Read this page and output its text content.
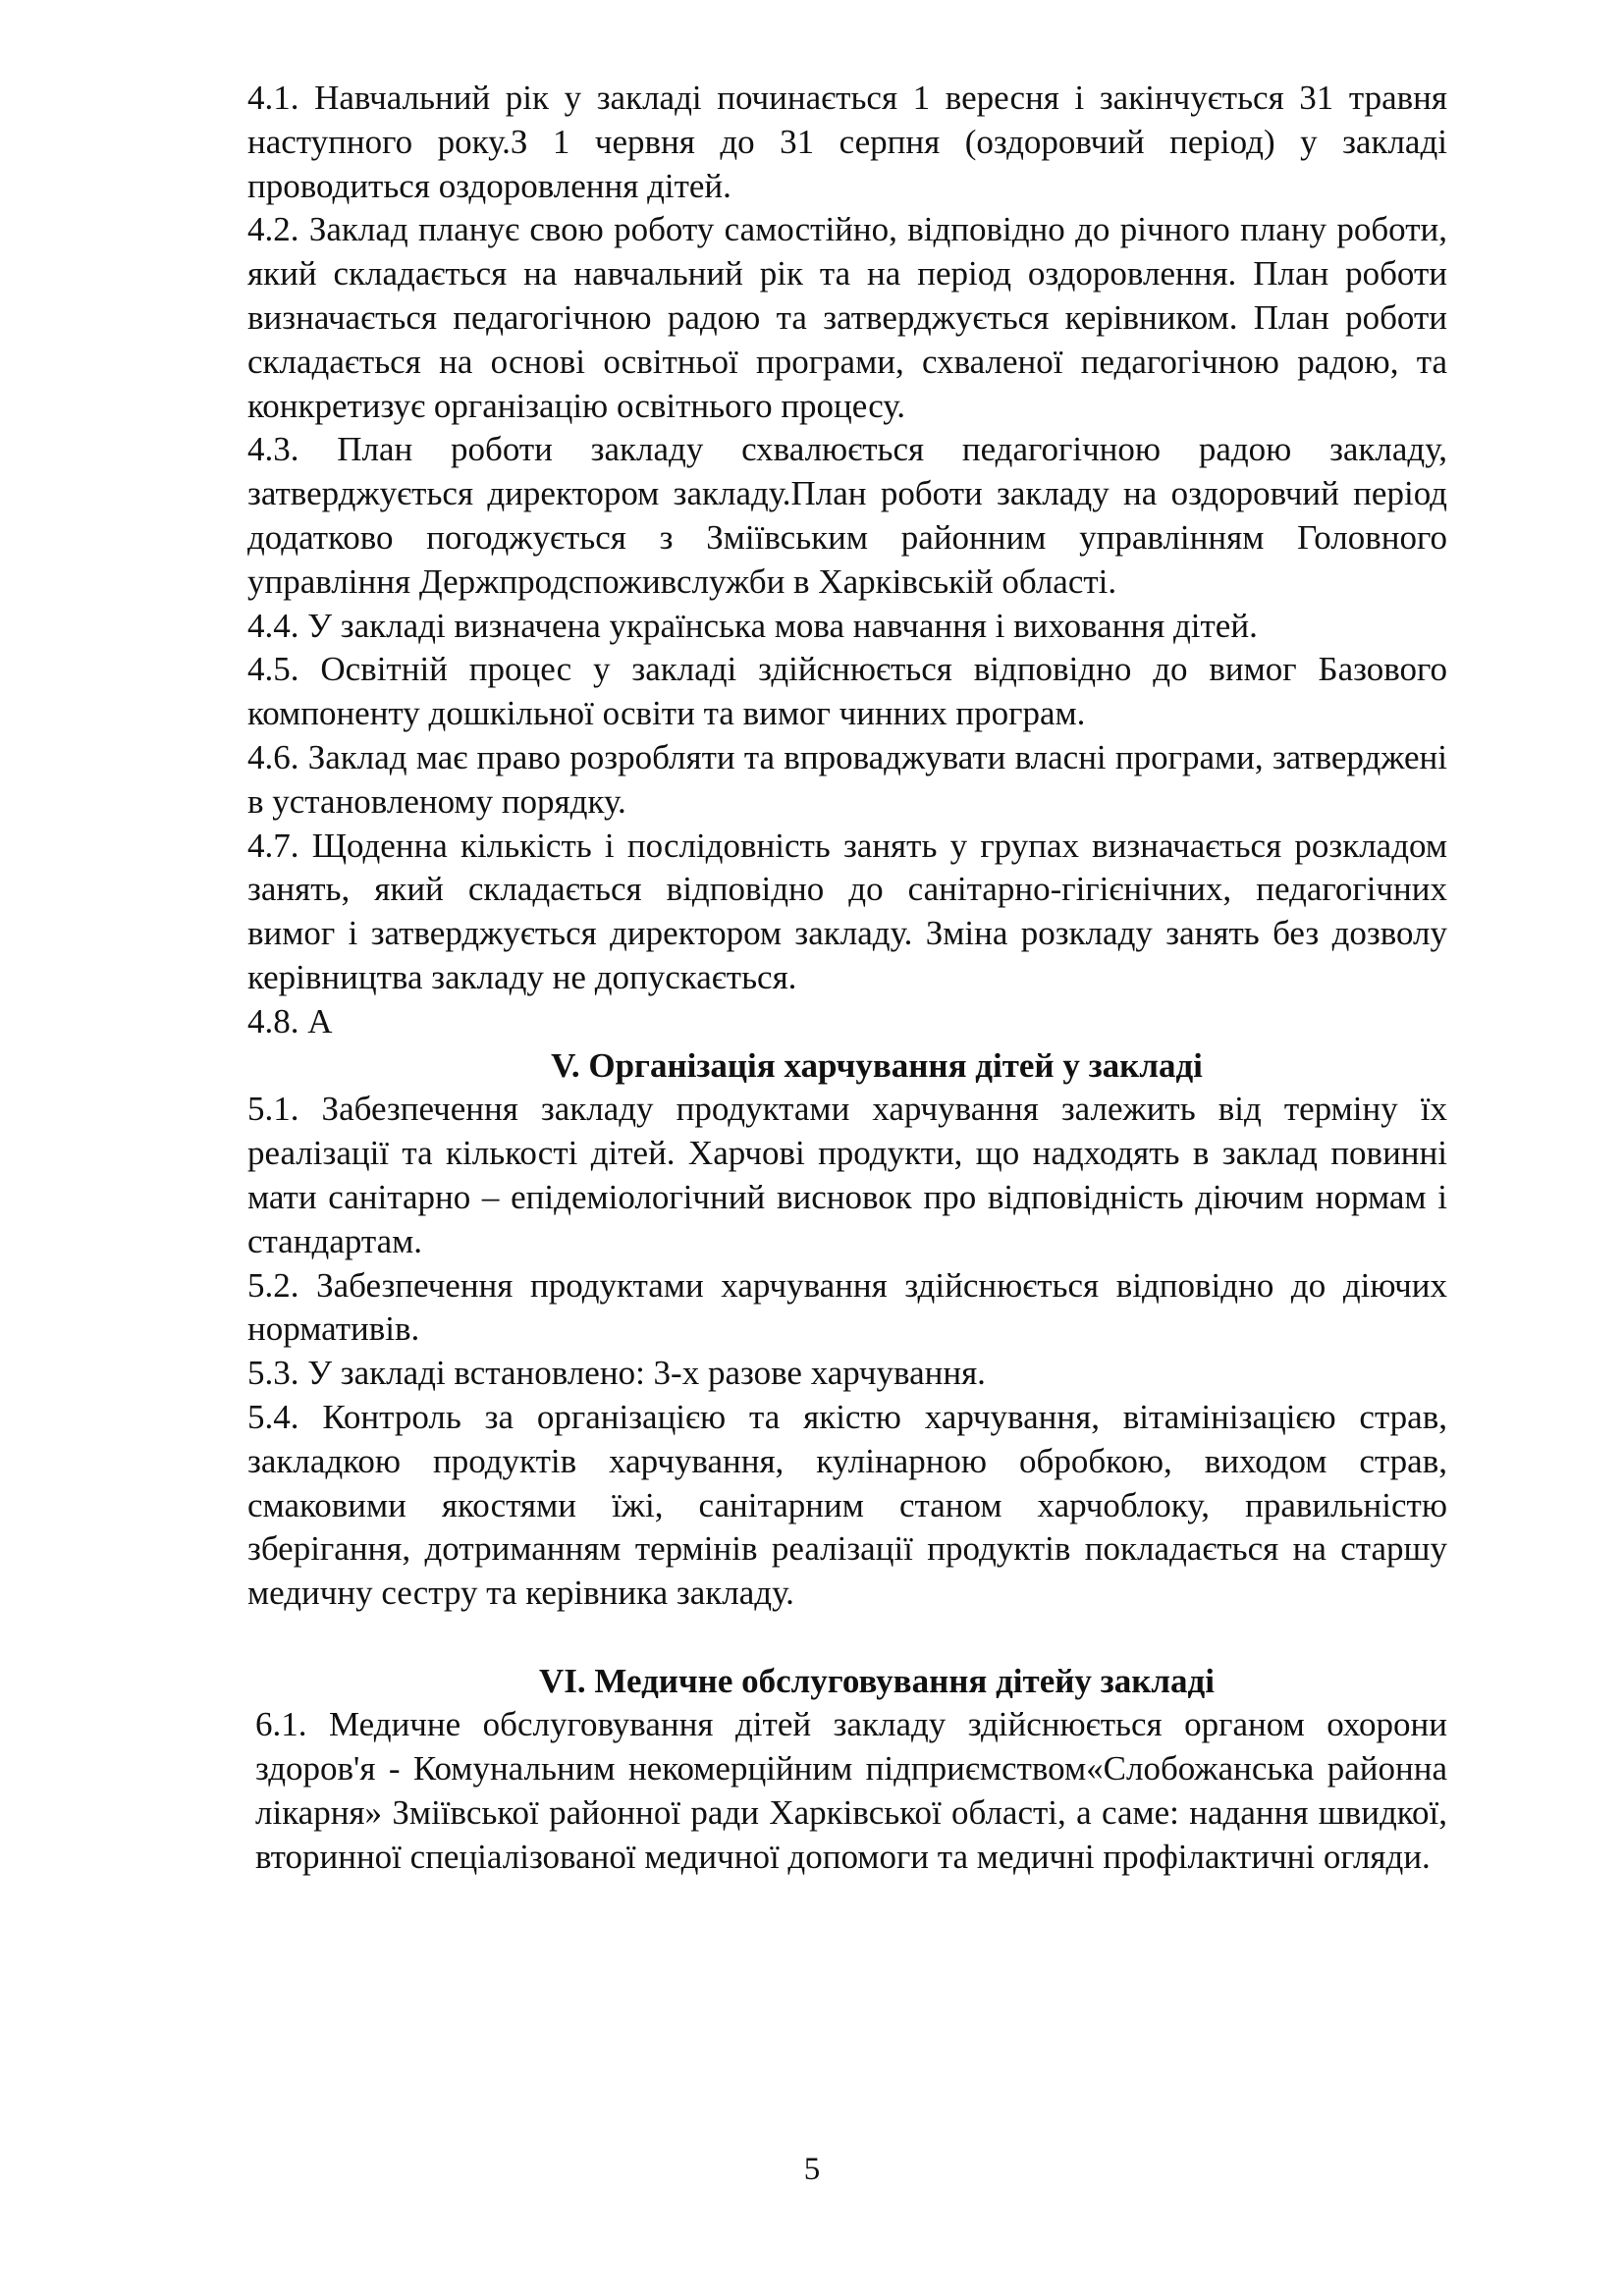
4.1. Навчальний рік у закладі починається 1 вересня і закінчується 31 травня наступного року.З 1 червня до 31 серпня (оздоровчий період) у закладі проводиться оздоровлення дітей.

4.2. Заклад планує свою роботу самостійно, відповідно до річного плану роботи, який складається на навчальний рік та на період оздоровлення. План роботи визначається педагогічною радою та затверджується керівником. План роботи складається на основі освітньої програми, схваленої педагогічною радою, та конкретизує організацію освітнього процесу.

4.3. План роботи закладу схвалюється педагогічною радою закладу, затверджується директором закладу.План роботи закладу на оздоровчий період додатково погоджується з Зміївським районним управлінням Головного управління Держпродспоживслужби в Харківській області.

4.4. У закладі визначена українська мова навчання і виховання дітей.

4.5. Освітній процес у закладі здійснюється відповідно до вимог Базового компоненту дошкільної освіти та вимог чинних програм.

4.6. Заклад має право розробляти та впроваджувати власні програми, затверджені в установленому порядку.

4.7. Щоденна кількість і послідовність занять у групах визначається розкладом занять, який складається відповідно до санітарно-гігієнічних, педагогічних вимог і затверджується директором закладу. Зміна розкладу занять без дозволу керівництва закладу не допускається.

4.8. А

V. Організація харчування дітей у закладі

5.1. Забезпечення закладу продуктами харчування залежить від терміну їх реалізації та кількості дітей. Харчові продукти, що надходять в заклад повинні мати санітарно – епідеміологічний висновок про відповідність діючим нормам і стандартам.

5.2. Забезпечення продуктами харчування здійснюється відповідно до діючих нормативів.

5.3. У закладі встановлено: 3-х разове харчування.

5.4. Контроль за організацією та якістю харчування, вітамінізацією страв, закладкою продуктів харчування, кулінарною обробкою, виходом страв, смаковими якостями їжі, санітарним станом харчоблоку, правильністю зберігання, дотриманням термінів реалізації продуктів покладається на старшу медичну сестру та керівника закладу.

VI. Медичне обслуговування дітейу закладі

6.1. Медичне обслуговування дітей закладу здійснюється органом охорони здоров'я - Комунальним некомерційним підприємством«Слобожанська районна лікарня» Зміївської районної ради Харківської області, а саме: надання швидкої, вторинної спеціалізованої медичної допомоги та медичні профілактичні огляди.

5
